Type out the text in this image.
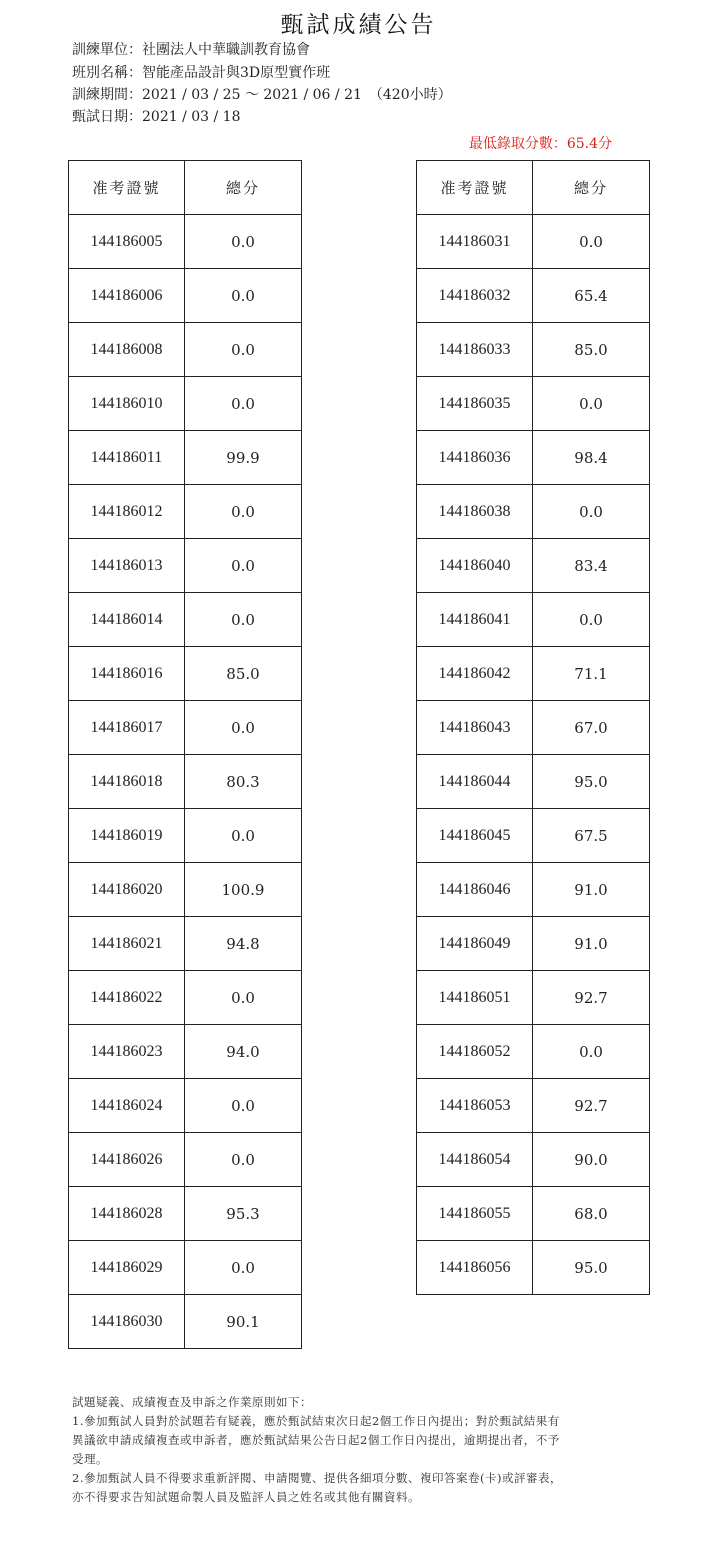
甄試成績公告
訓練單位：社團法人中華職訓教育協會
班別名稱：智能產品設計與3D原型實作班
訓練期間：2021 / 03 / 25 ～ 2021 / 06 / 21　（420小時）
甄試日期：2021 / 03 / 18
最低錄取分數：65.4分
准考證號	總分
144186005	0.0
144186006	0.0
144186008	0.0
144186010	0.0
144186011	99.9
144186012	0.0
144186013	0.0
144186014	0.0
144186016	85.0
144186017	0.0
144186018	80.3
144186019	0.0
144186020	100.9
144186021	94.8
144186022	0.0
144186023	94.0
144186024	0.0
144186026	0.0
144186028	95.3
144186029	0.0
144186030	90.1
准考證號	總分
144186031	0.0
144186032	65.4
144186033	85.0
144186035	0.0
144186036	98.4
144186038	0.0
144186040	83.4
144186041	0.0
144186042	71.1
144186043	67.0
144186044	95.0
144186045	67.5
144186046	91.0
144186049	91.0
144186051	92.7
144186052	0.0
144186053	92.7
144186054	90.0
144186055	68.0
144186056	95.0

試題疑義、成績複查及申訴之作業原則如下：

1.參加甄試人員對於試題若有疑義，應於甄試結束次日起2個工作日內提出；對於甄試結果有

異議欲申請成績複查或申訴者，應於甄試結果公告日起2個工作日內提出，逾期提出者，不予

受理。

2.參加甄試人員不得要求重新評閱、申請閱覽、提供各細項分數、複印答案卷(卡)或評審表，

亦不得要求告知試題命製人員及監評人員之姓名或其他有關資料。
